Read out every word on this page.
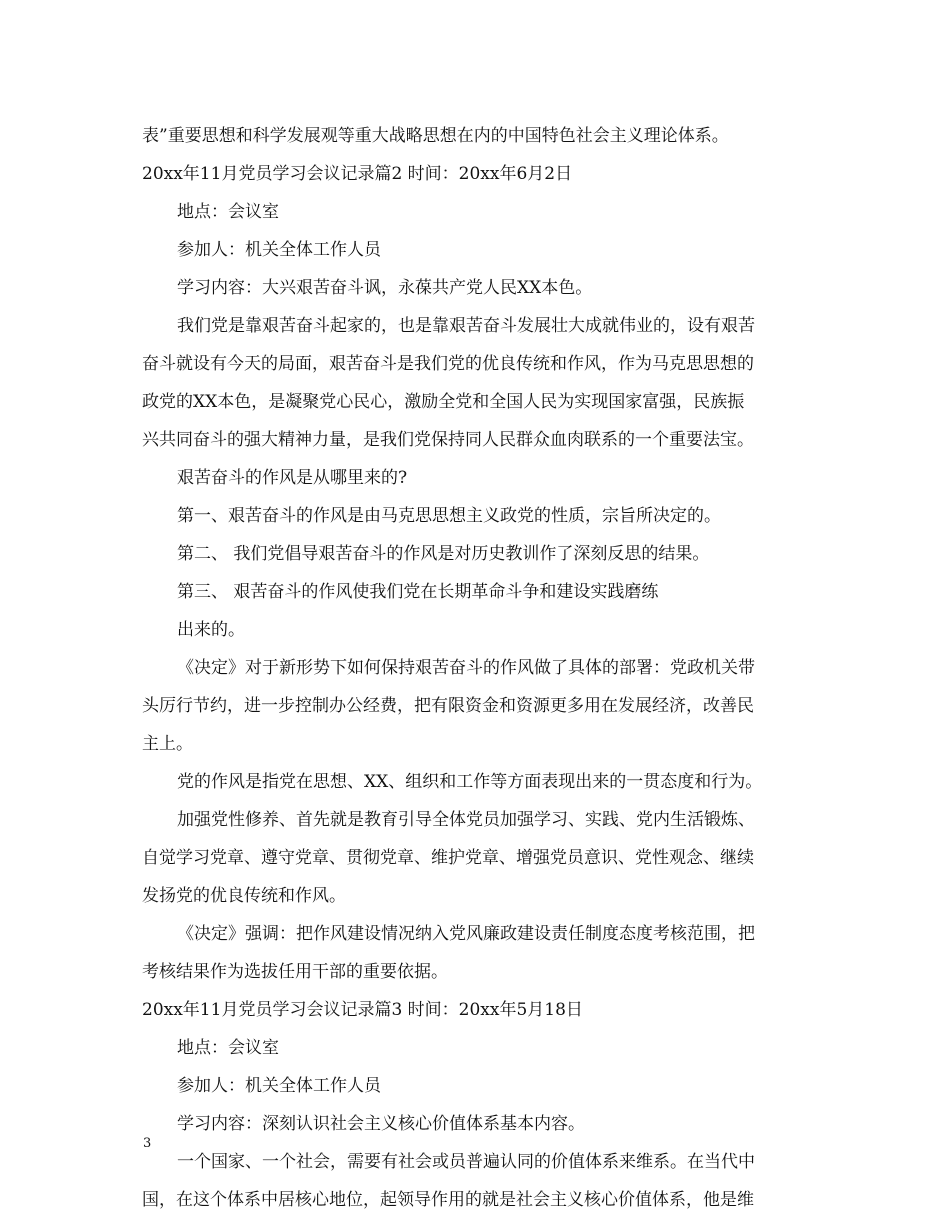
表”重要思想和科学发展观等重大战略思想在内的中国特色社会主义理论体系。
20xx年11月党员学习会议记录篇2 时间：20xx年6月2日
地点：会议室
参加人：机关全体工作人员
学习内容：大兴艰苦奋斗讽，永葆共产党人民XX本色。
我们党是靠艰苦奋斗起家的，也是靠艰苦奋斗发展壮大成就伟业的，设有艰苦
奋斗就设有今天的局面，艰苦奋斗是我们党的优良传统和作风，作为马克思思想的
政党的XX本色，是凝聚党心民心，激励全党和全国人民为实现国家富强，民族振
兴共同奋斗的强大精神力量，是我们党保持同人民群众血肉联系的一个重要法宝。
艰苦奋斗的作风是从哪里来的?
第一、艰苦奋斗的作风是由马克思思想主义政党的性质，宗旨所决定的。
第二、 我们党倡导艰苦奋斗的作风是对历史教训作了深刻反思的结果。
第三、 艰苦奋斗的作风使我们党在长期革命斗争和建设实践磨练
出来的。
《决定》对于新形势下如何保持艰苦奋斗的作风做了具体的部署：党政机关带
头厉行节约，进一步控制办公经费，把有限资金和资源更多用在发展经济，改善民
主上。
党的作风是指党在思想、XX、组织和工作等方面表现出来的一贯态度和行为。
加强党性修养、首先就是教育引导全体党员加强学习、实践、党内生活锻炼、
自觉学习党章、遵守党章、贯彻党章、维护党章、增强党员意识、党性观念、继续
发扬党的优良传统和作风。
《决定》强调：把作风建设情况纳入党风廉政建设责任制度态度考核范围，把
考核结果作为选拔任用干部的重要依据。
20xx年11月党员学习会议记录篇3 时间：20xx年5月18日
地点：会议室
参加人：机关全体工作人员
学习内容：深刻认识社会主义核心价值体系基本内容。
一个国家、一个社会，需要有社会或员普遍认同的价值体系来维系。在当代中
国，在这个体系中居核心地位，起领导作用的就是社会主义核心价值体系，他是维
3
